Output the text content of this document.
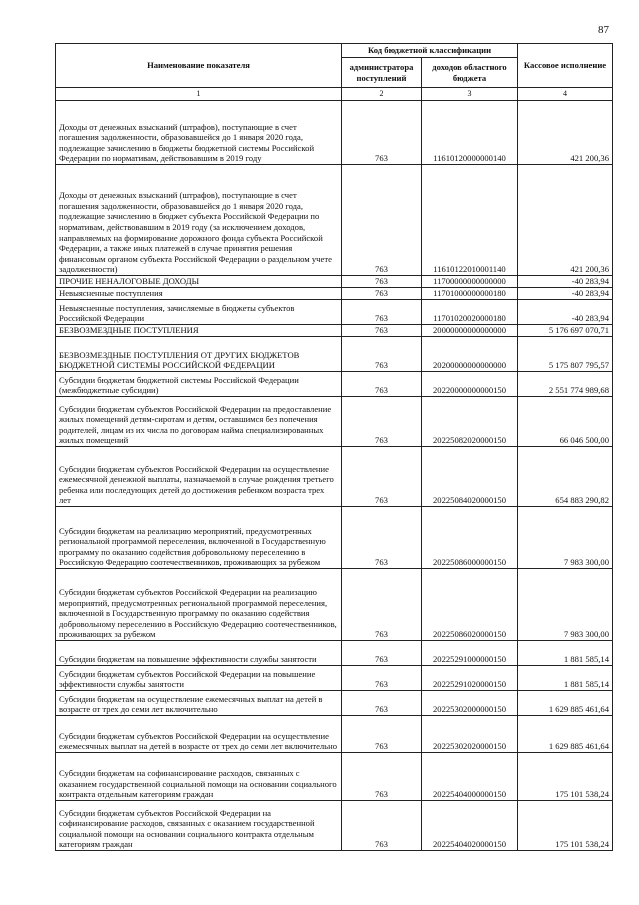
87
Наименование показателя	Код бюджетной классификации		Кассовое исполнение
	администратора поступлений	доходов областного бюджета	
1	2	3	4
Доходы от денежных взысканий (штрафов), поступающие в счет погашения задолженности, образовавшейся до 1 января 2020 года, подлежащие зачислению в бюджеты бюджетной системы Российской Федерации по нормативам, действовавшим в 2019 году	763	11610120000000140	421 200,36
Доходы от денежных взысканий (штрафов), поступающие в счет погашения задолженности, образовавшейся до 1 января 2020 года, подлежащие зачислению в бюджет субъекта Российской Федерации по нормативам, действовавшим в 2019 году (за исключением доходов, направляемых на формирование дорожного фонда субъекта Российской Федерации, а также иных платежей в случае принятия решения финансовым органом субъекта Российской Федерации о раздельном учете задолженности)	763	11610122010001140	421 200,36
ПРОЧИЕ НЕНАЛОГОВЫЕ ДОХОДЫ	763	11700000000000000	-40 283,94
Невыясненные поступления	763	11701000000000180	-40 283,94
Невыясненные поступления, зачисляемые в бюджеты субъектов Российской Федерации	763	11701020020000180	-40 283,94
БЕЗВОЗМЕЗДНЫЕ ПОСТУПЛЕНИЯ	763	20000000000000000	5 176 697 070,71
БЕЗВОЗМЕЗДНЫЕ ПОСТУПЛЕНИЯ ОТ ДРУГИХ БЮДЖЕТОВ БЮДЖЕТНОЙ СИСТЕМЫ РОССИЙСКОЙ ФЕДЕРАЦИИ	763	20200000000000000	5 175 807 795,57
Субсидии бюджетам бюджетной системы Российской Федерации (межбюджетные субсидии)	763	20220000000000150	2 551 774 989,68
Субсидии бюджетам субъектов Российской Федерации на предоставление жилых помещений детям-сиротам и детям, оставшимся без попечения родителей, лицам из их числа по договорам найма специализированных жилых помещений	763	20225082020000150	66 046 500,00
Субсидии бюджетам субъектов Российской Федерации на осуществление ежемесячной денежной выплаты, назначаемой в случае рождения третьего ребенка или последующих детей до достижения ребенком возраста трех лет	763	20225084020000150	654 883 290,82
Субсидии бюджетам на реализацию мероприятий, предусмотренных региональной программой переселения, включенной в Государственную программу по оказанию содействия добровольному переселению в Российскую Федерацию соотечественников, проживающих за рубежом	763	20225086000000150	7 983 300,00
Субсидии бюджетам субъектов Российской Федерации на реализацию мероприятий, предусмотренных региональной программой переселения, включенной в Государственную программу по оказанию содействия добровольному переселению в Российскую Федерацию соотечественников, проживающих за рубежом	763	20225086020000150	7 983 300,00
Субсидии бюджетам на повышение эффективности службы занятости	763	20225291000000150	1 881 585,14
Субсидии бюджетам субъектов Российской Федерации на повышение эффективности службы занятости	763	20225291020000150	1 881 585,14
Субсидии бюджетам на осуществление ежемесячных выплат на детей в возрасте от трех до семи лет включительно	763	20225302000000150	1 629 885 461,64
Субсидии бюджетам субъектов Российской Федерации на осуществление ежемесячных выплат на детей в возрасте от трех до семи лет включительно	763	20225302020000150	1 629 885 461,64
Субсидии бюджетам на софинансирование расходов, связанных с оказанием государственной социальной помощи на основании социального контракта отдельным категориям граждан	763	20225404000000150	175 101 538,24
Субсидии бюджетам субъектов Российской Федерации на софинансирование расходов, связанных с оказанием государственной социальной помощи на основании социального контракта отдельным категориям граждан	763	20225404020000150	175 101 538,24
